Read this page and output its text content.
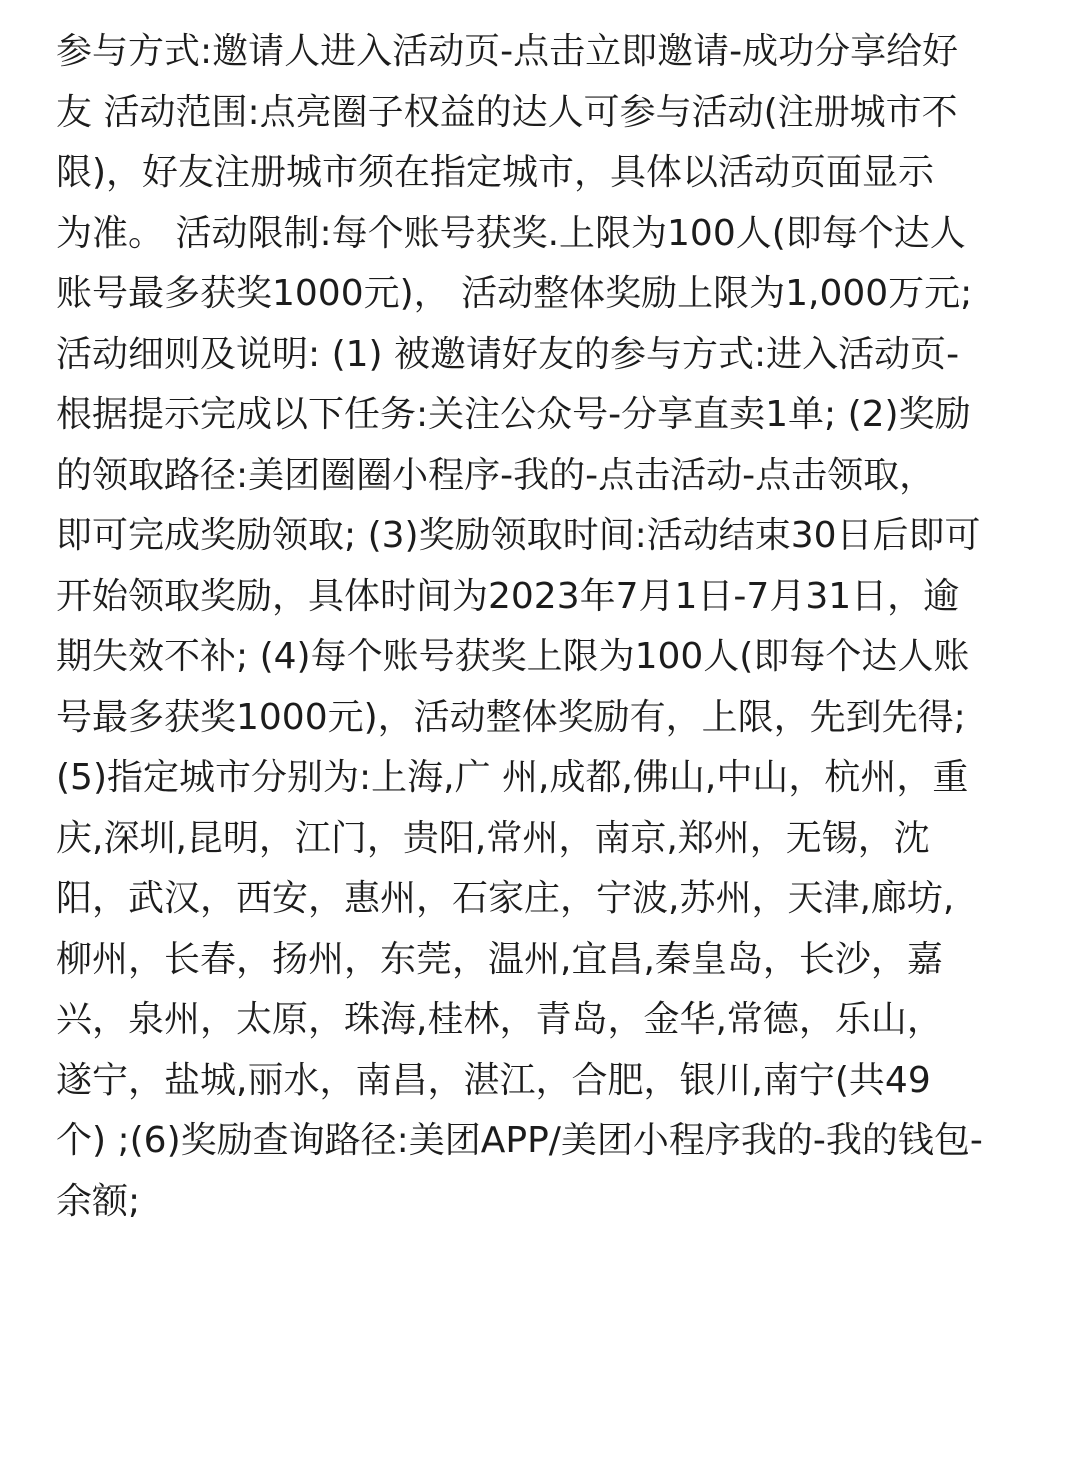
参与方式:邀请人进入活动页-点击立即邀请-成功分享给好
友 活动范围:点亮圈子权益的达人可参与活动(注册城市不
限)，好友注册城市须在指定城市，具体以活动页面显示
为准。 活动限制:每个账号获奖.上限为100人(即每个达人
账号最多获奖1000元)， 活动整体奖励上限为1,000万元;
活动细则及说明: (1) 被邀请好友的参与方式:进入活动页-
根据提示完成以下任务:关注公众号-分享直卖1单; (2)奖励
的领取路径:美团圈圈小程序-我的-点击活动-点击领取，
即可完成奖励领取; (3)奖励领取时间:活动结束30日后即可
开始领取奖励，具体时间为2023年7月1日-7月31日，逾
期失效不补; (4)每个账号获奖上限为100人(即每个达人账
号最多获奖1000元)，活动整体奖励有，上限，先到先得;
(5)指定城市分别为:上海,广 州,成都,佛山,中山，杭州，重
庆,深圳,昆明，江门，贵阳,常州，南京,郑州，无锡，沈
阳，武汉，西安，惠州，石家庄，宁波,苏州，天津,廊坊,
柳州，长春，扬州，东莞，温州,宜昌,秦皇岛，长沙，嘉
兴，泉州，太原，珠海,桂林，青岛，金华,常德，乐山，
遂宁，盐城,丽水，南昌，湛江，合肥，银川,南宁(共49
个) ;(6)奖励查询路径:美团APP/美团小程序我的-我的钱包-
余额;
